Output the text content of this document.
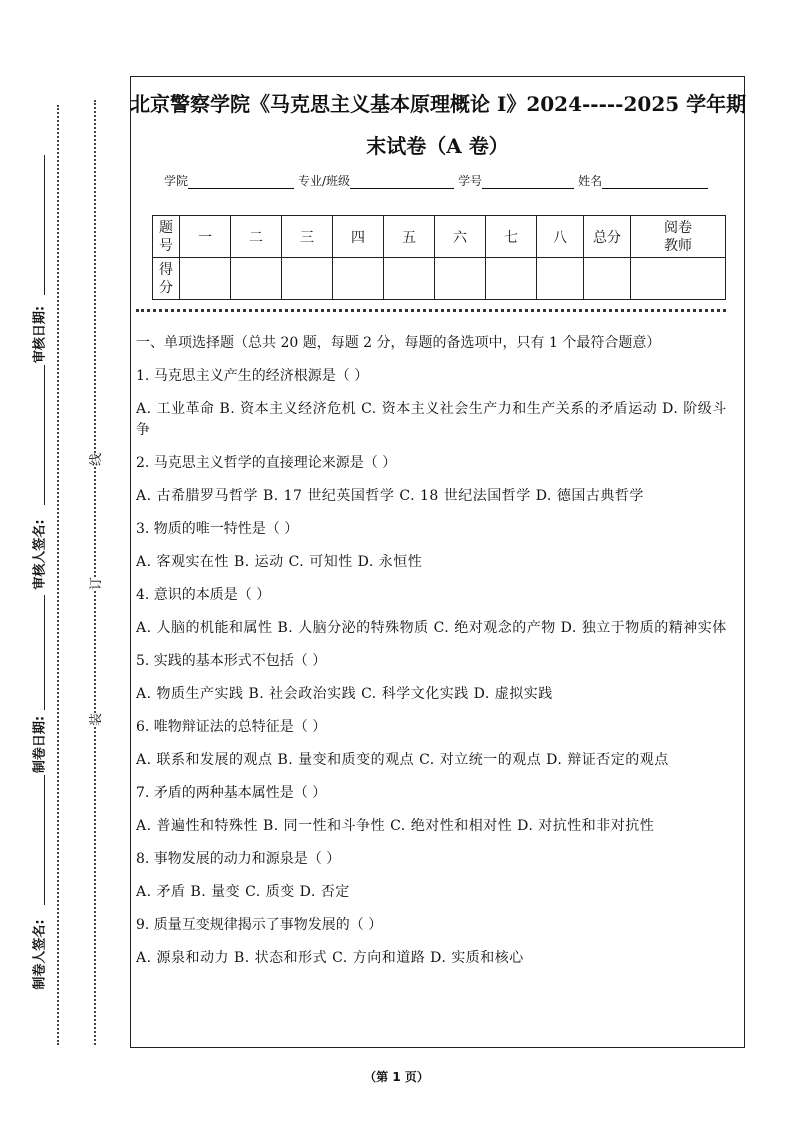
审核日期:
审核人签名:
制卷日期:
制卷人签名:
线
订
装
北京警察学院《马克思主义基本原理概论 I》2024-----2025 学年期
末试卷（A 卷）
学院	专业/班级	学号	姓名
题号	一	二	三	四	五	六	七	八	总分	阅卷
教师
得分										
一、单项选择题（总共 20 题，每题 2 分，每题的备选项中，只有 1 个最符合题意）
1. 马克思主义产生的经济根源是（ ）
A. 工业革命 B. 资本主义经济危机 C. 资本主义社会生产力和生产关系的矛盾运动 D. 阶级斗争
2. 马克思主义哲学的直接理论来源是（ ）
A. 古希腊罗马哲学 B. 17 世纪英国哲学 C. 18 世纪法国哲学 D. 德国古典哲学
3. 物质的唯一特性是（ ）
A. 客观实在性 B. 运动 C. 可知性 D. 永恒性
4. 意识的本质是（ ）
A. 人脑的机能和属性 B. 人脑分泌的特殊物质 C. 绝对观念的产物 D. 独立于物质的精神实体
5. 实践的基本形式不包括（ ）
A. 物质生产实践 B. 社会政治实践 C. 科学文化实践 D. 虚拟实践
6. 唯物辩证法的总特征是（ ）
A. 联系和发展的观点 B. 量变和质变的观点 C. 对立统一的观点 D. 辩证否定的观点
7. 矛盾的两种基本属性是（ ）
A. 普遍性和特殊性 B. 同一性和斗争性 C. 绝对性和相对性 D. 对抗性和非对抗性
8. 事物发展的动力和源泉是（ ）
A. 矛盾 B. 量变 C. 质变 D. 否定
9. 质量互变规律揭示了事物发展的（ ）
A. 源泉和动力 B. 状态和形式 C. 方向和道路 D. 实质和核心
（第 1 页）
